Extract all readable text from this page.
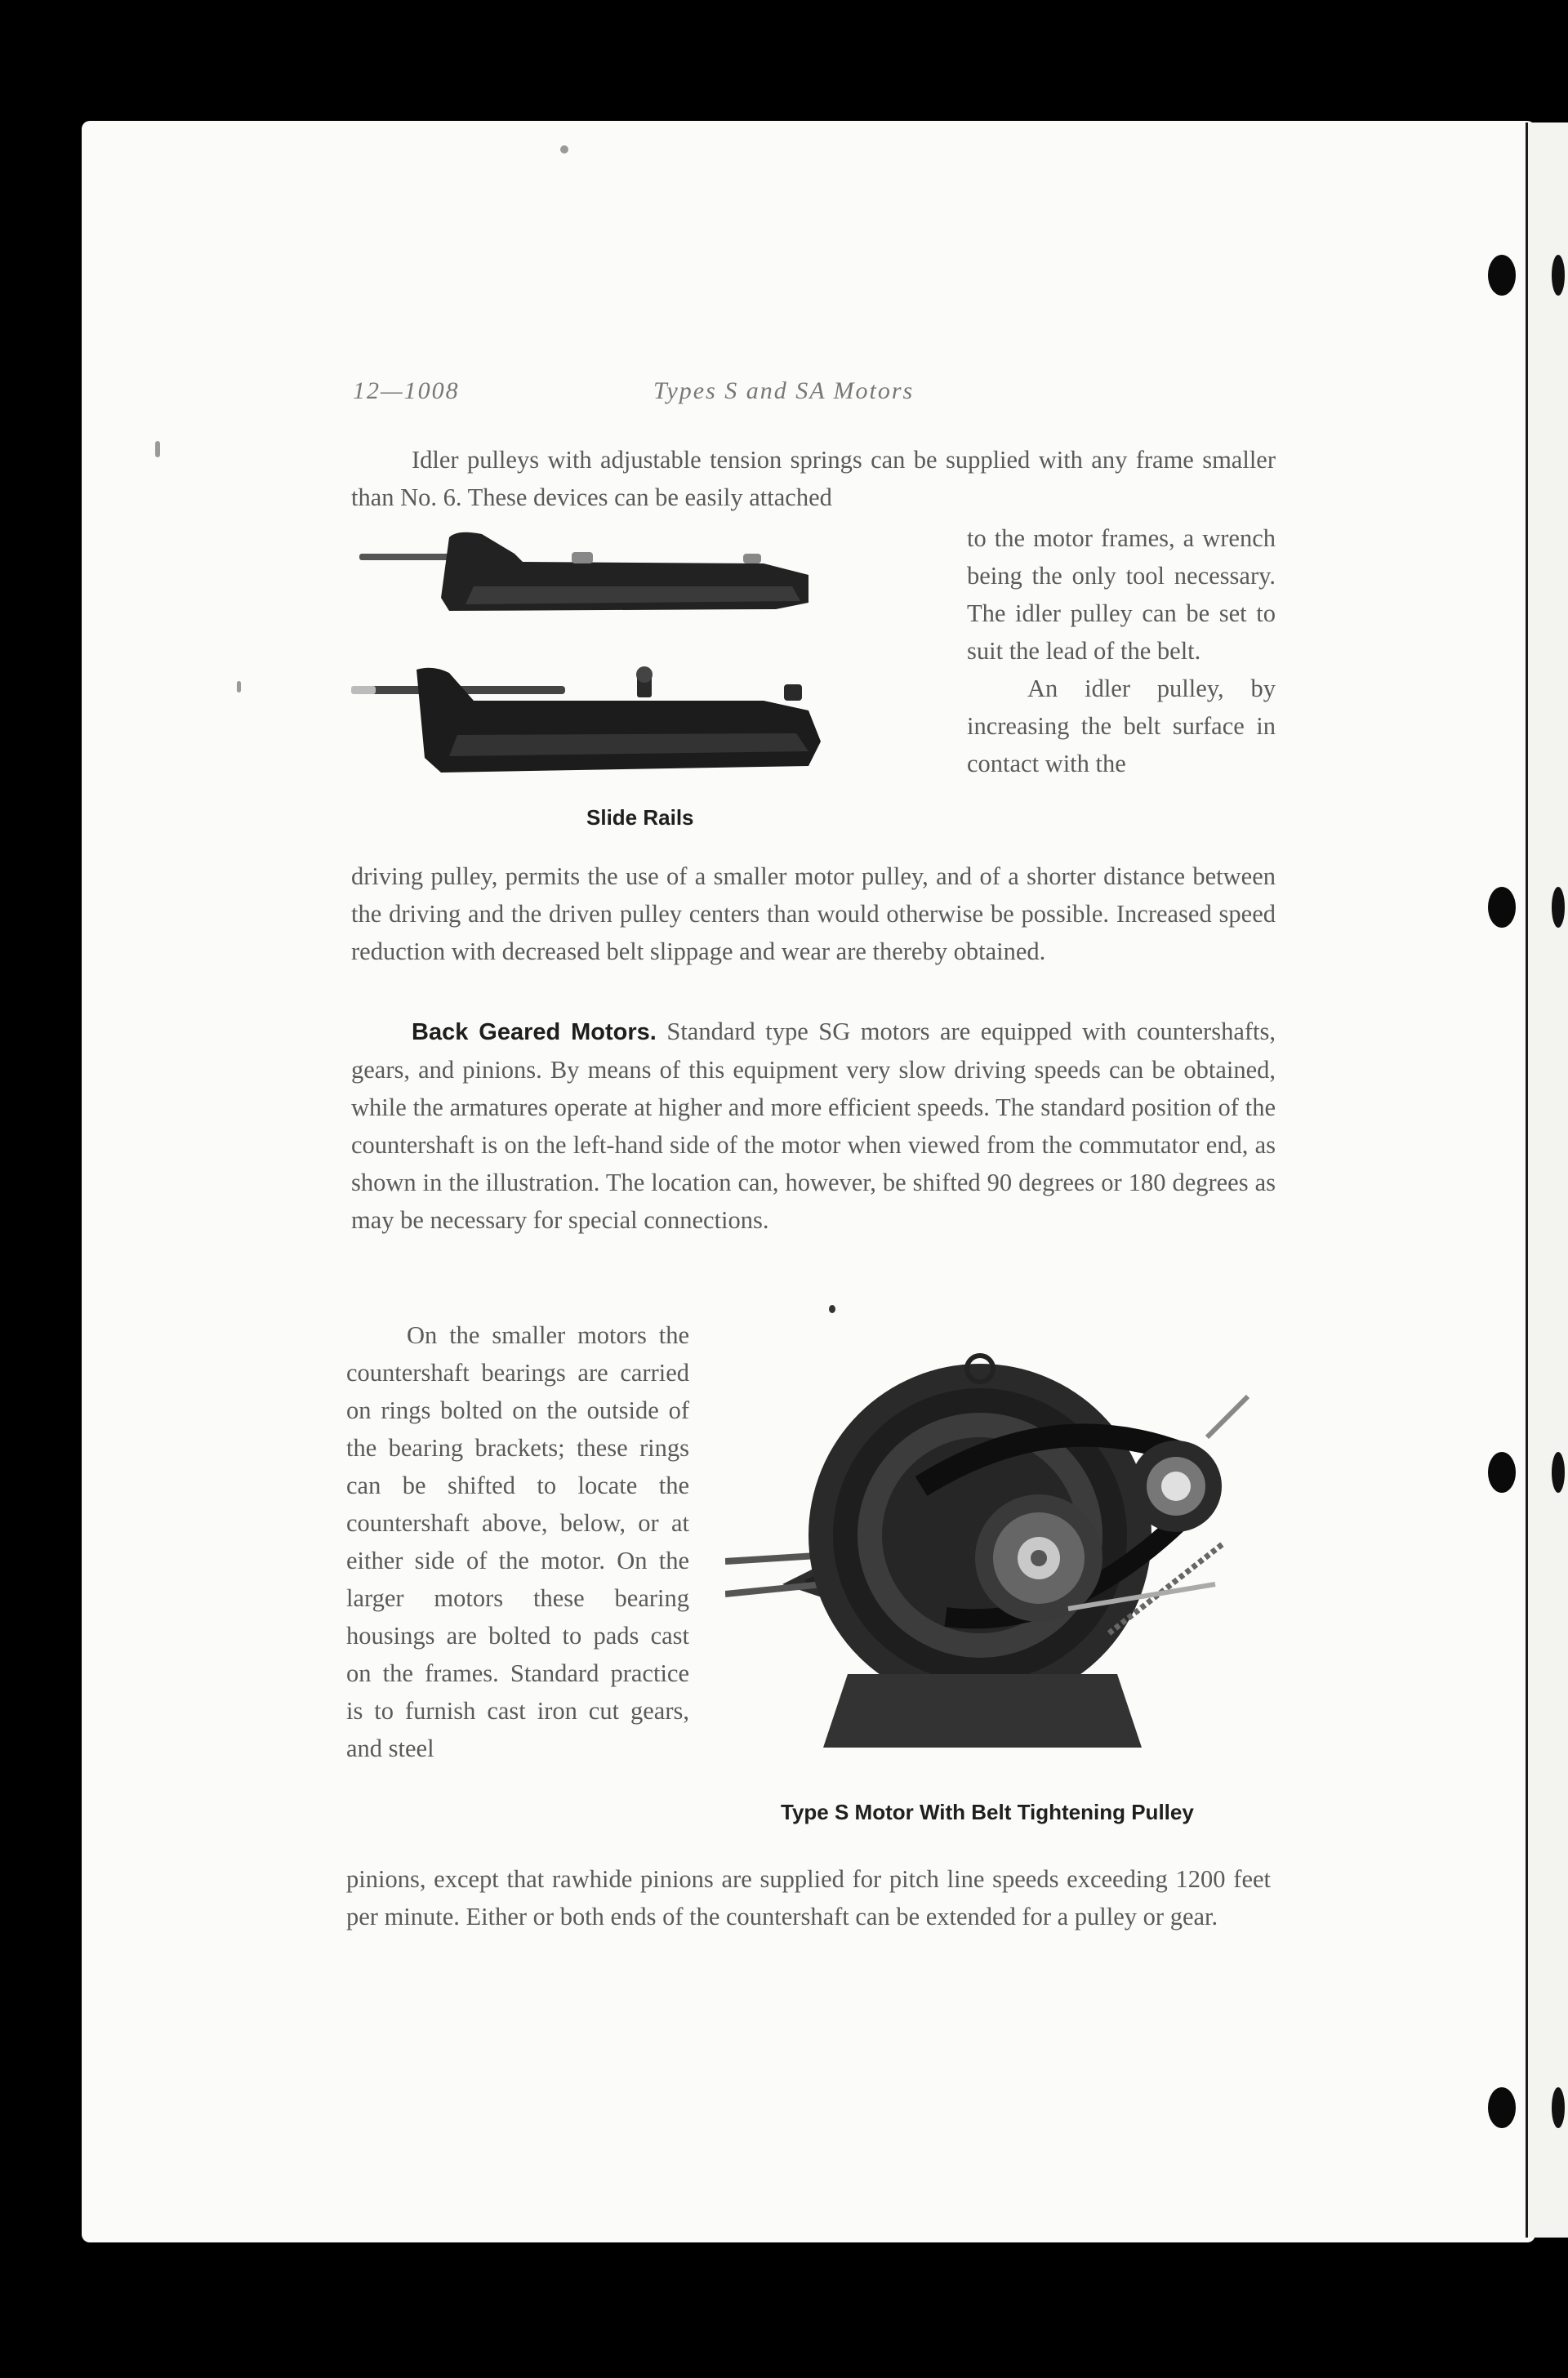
12—1008	Types S and SA Motors

Idler pulleys with adjustable tension springs can be supplied with any frame smaller than No. 6. These devices can be easily attached

Slide Rails

to the motor frames, a wrench being the only tool necessary. The idler pulley can be set to suit the lead of the belt.

An idler pulley, by increasing the belt surface in contact with the

driving pulley, permits the use of a smaller motor pulley, and of a shorter distance between the driving and the driven pulley centers than would otherwise be possible. Increased speed reduction with decreased belt slippage and wear are thereby obtained.

Back Geared Motors. Standard type SG motors are equipped with countershafts, gears, and pinions. By means of this equipment very slow driving speeds can be obtained, while the armatures operate at higher and more efficient speeds. The standard position of the countershaft is on the left-hand side of the motor when viewed from the commutator end, as shown in the illustration. The location can, however, be shifted 90 degrees or 180 degrees as may be necessary for special connections.

On the smaller motors the countershaft bearings are carried on rings bolted on the outside of the bearing brackets; these rings can be shifted to locate the countershaft above, below, or at either side of the motor. On the larger motors these bearing housings are bolted to pads cast on the frames. Standard practice is to furnish cast iron cut gears, and steel

Type S Motor With Belt Tightening Pulley

pinions, except that rawhide pinions are supplied for pitch line speeds exceeding 1200 feet per minute. Either or both ends of the countershaft can be extended for a pulley or gear.
